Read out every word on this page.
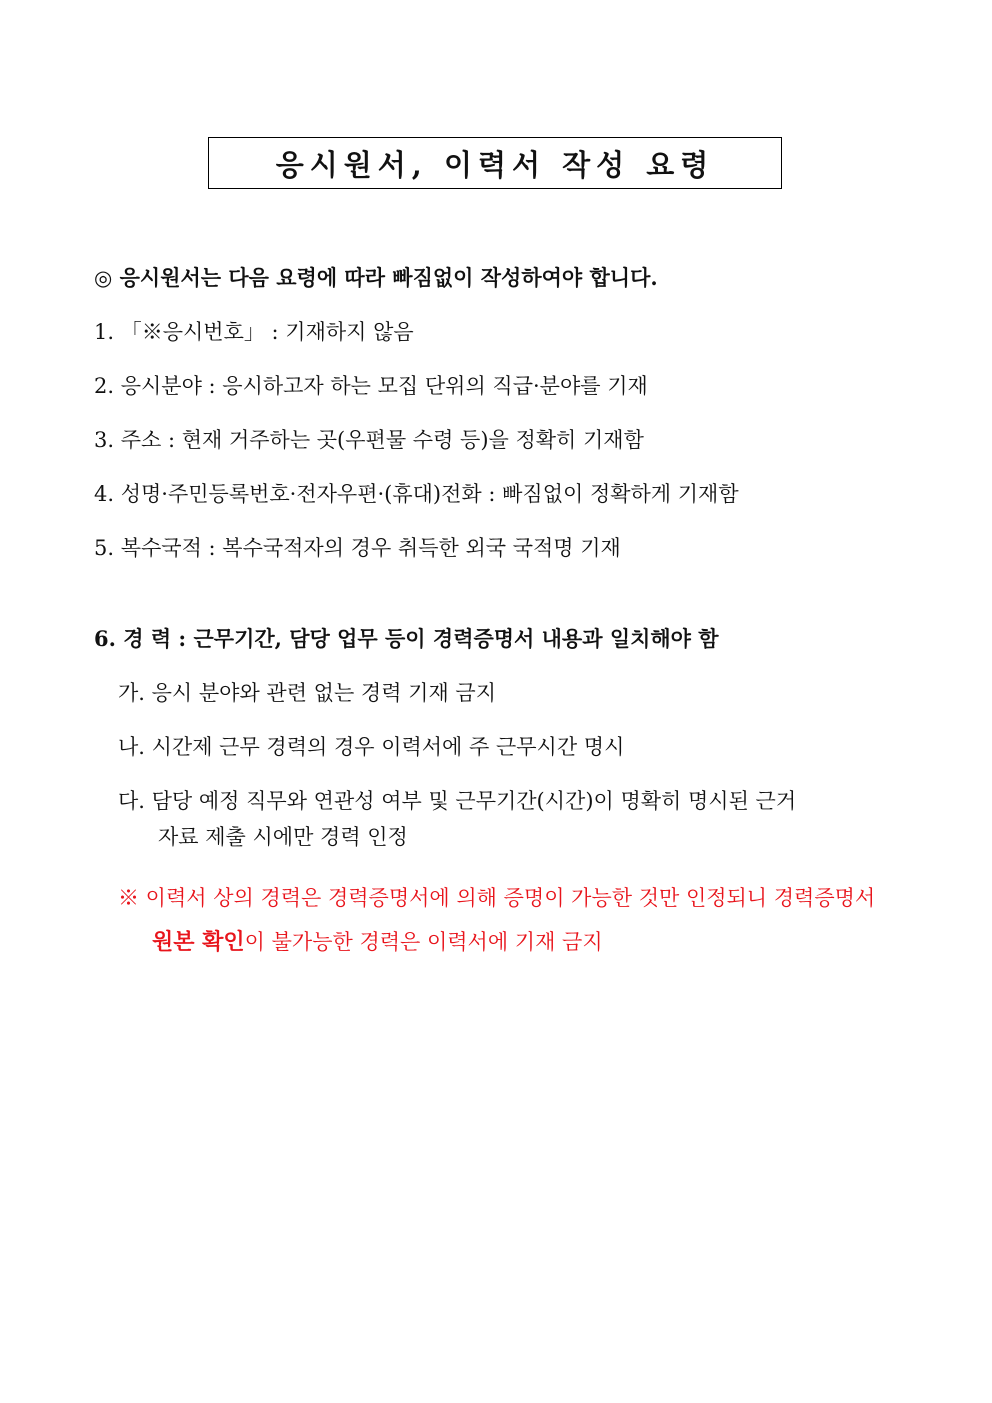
응시원서, 이력서 작성 요령
◎ 응시원서는 다음 요령에 따라 빠짐없이 작성하여야 합니다.
1. 「※응시번호」 : 기재하지 않음
2. 응시분야 : 응시하고자 하는 모집 단위의 직급·분야를 기재
3. 주소 : 현재 거주하는 곳(우편물 수령 등)을 정확히 기재함
4. 성명·주민등록번호·전자우편·(휴대)전화 : 빠짐없이 정확하게 기재함
5. 복수국적 : 복수국적자의 경우 취득한 외국 국적명 기재
6. 경 력 : 근무기간, 담당 업무 등이 경력증명서 내용과 일치해야 함
가. 응시 분야와 관련 없는 경력 기재 금지
나. 시간제 근무 경력의 경우 이력서에 주 근무시간 명시
다. 담당 예정 직무와 연관성 여부 및 근무기간(시간)이 명확히 명시된 근거
자료 제출 시에만 경력 인정
※ 이력서 상의 경력은 경력증명서에 의해 증명이 가능한 것만 인정되니 경력증명서
원본 확인이 불가능한 경력은 이력서에 기재 금지
